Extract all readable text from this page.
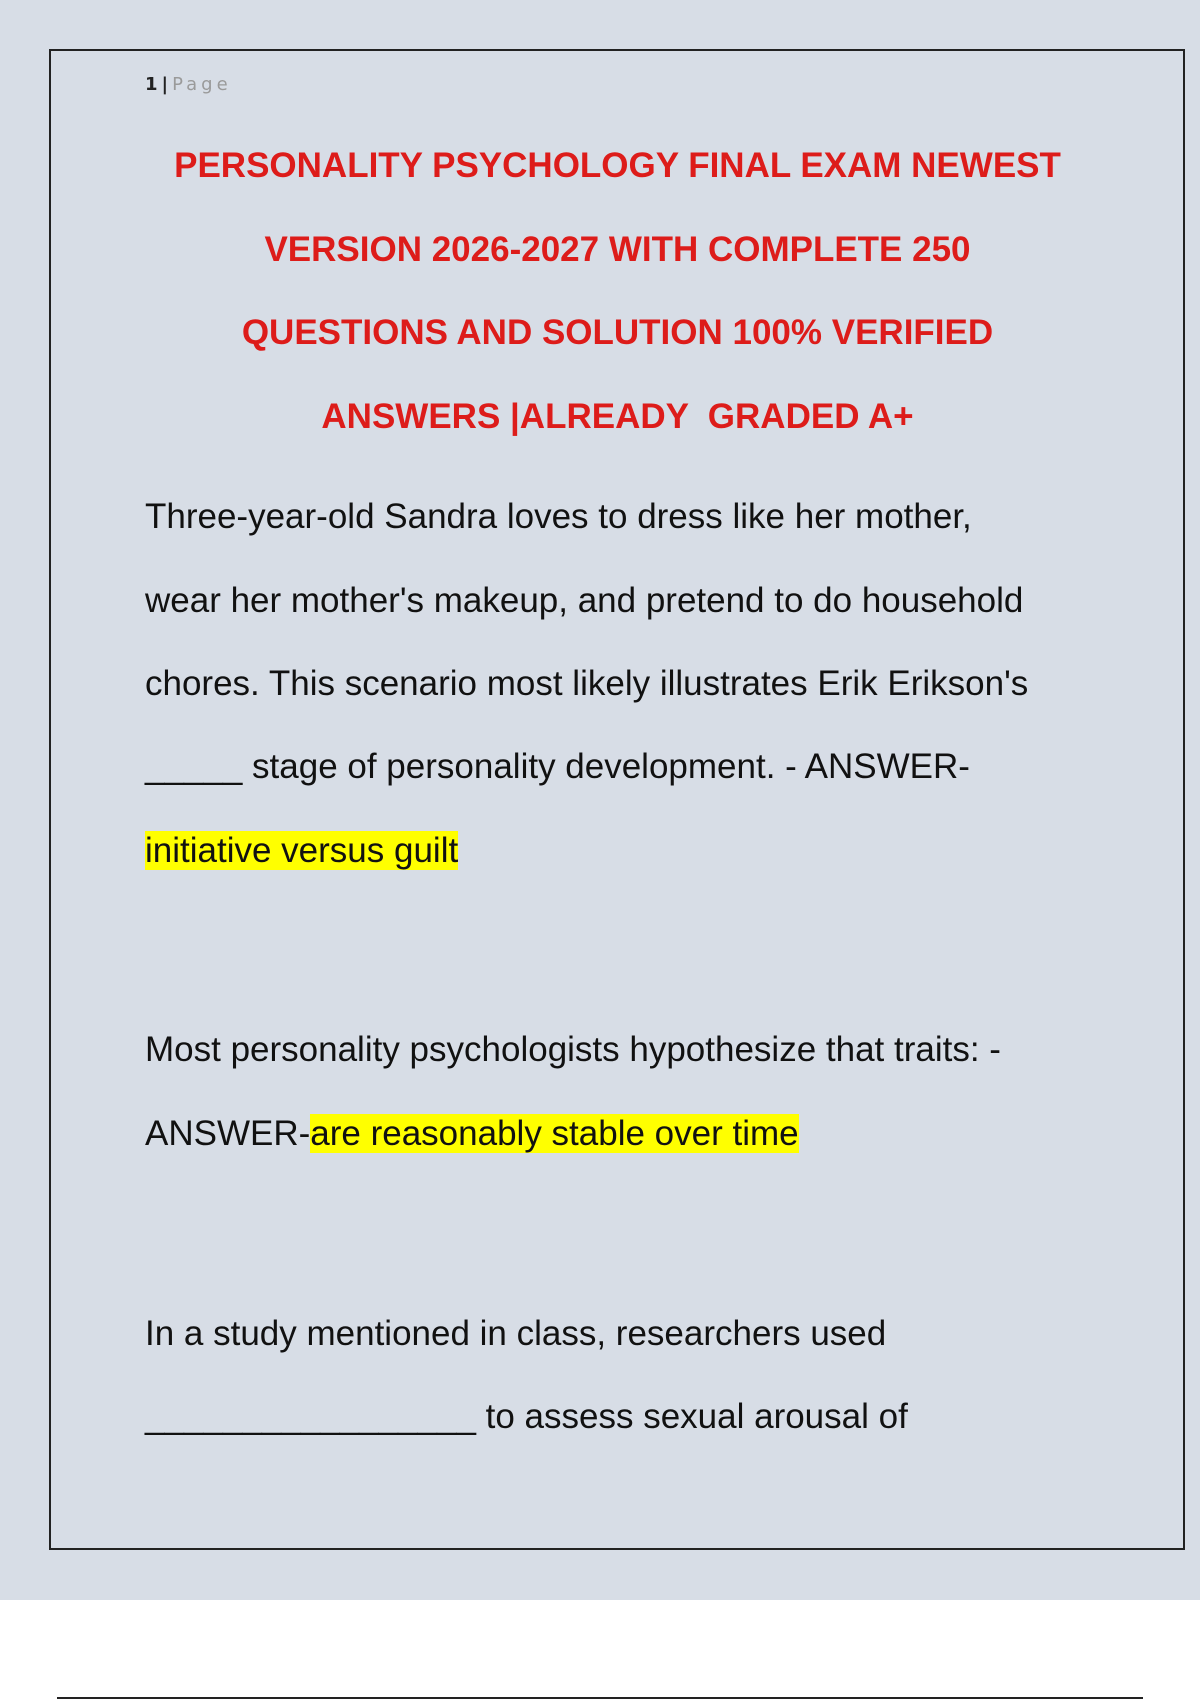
1 | Page
PERSONALITY PSYCHOLOGY FINAL EXAM NEWEST
VERSION 2026-2027 WITH COMPLETE 250
QUESTIONS AND SOLUTION 100% VERIFIED
ANSWERS |ALREADY  GRADED A+
Three-year-old Sandra loves to dress like her mother,
wear her mother's makeup, and pretend to do household
chores. This scenario most likely illustrates Erik Erikson's
_____ stage of personality development. - ANSWER-
initiative versus guilt
Most personality psychologists hypothesize that traits: -
ANSWER-are reasonably stable over time
In a study mentioned in class, researchers used
_________________ to assess sexual arousal of
